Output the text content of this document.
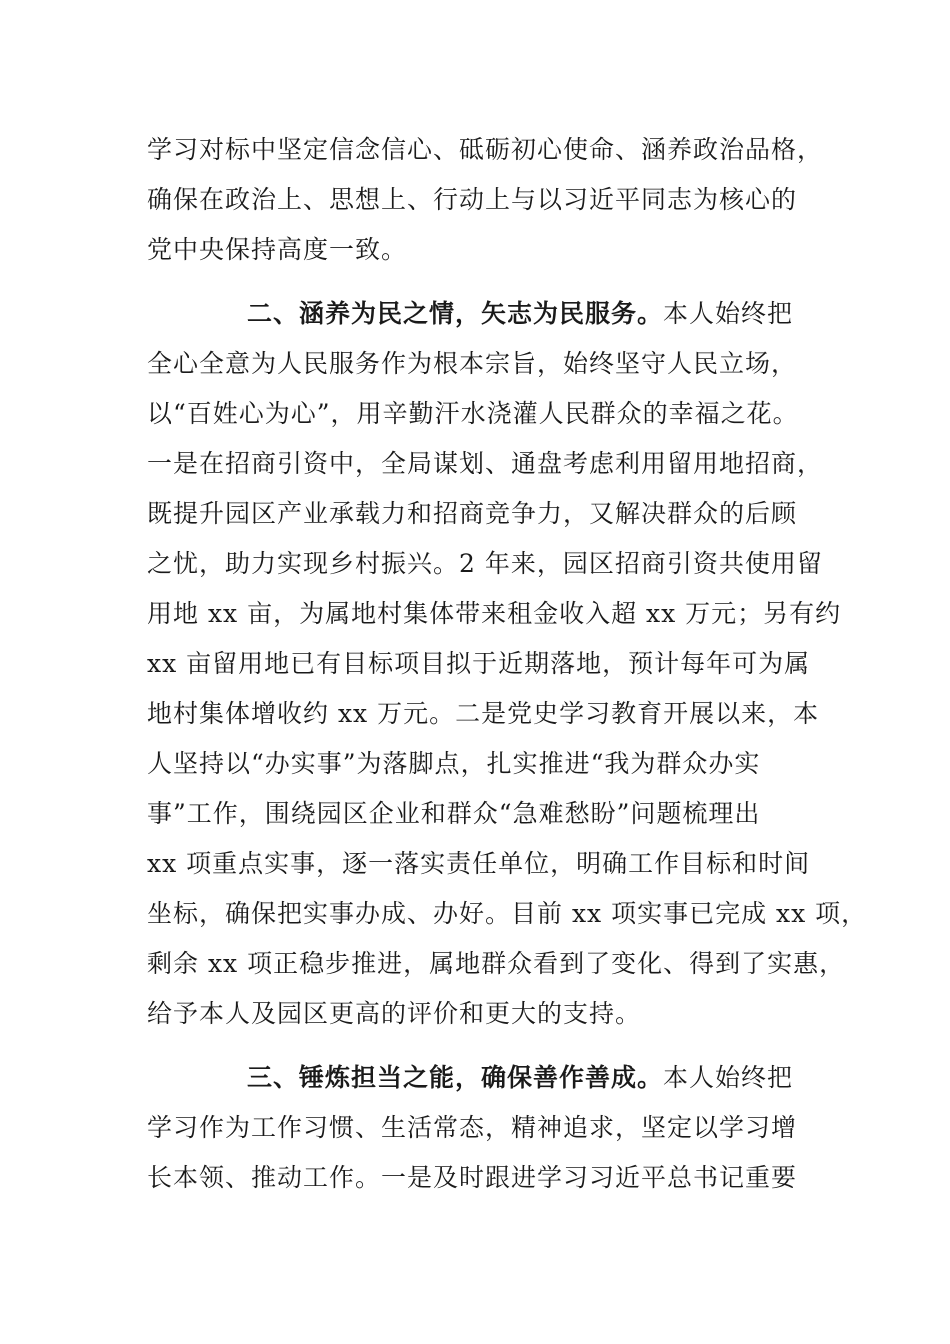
学习对标中坚定信念信心、砥砺初心使命、涵养政治品格，
确保在政治上、思想上、行动上与以习近平同志为核心的
党中央保持高度一致。
二、涵养为民之情，矢志为民服务。本人始终把
全心全意为人民服务作为根本宗旨，始终坚守人民立场，
以“百姓心为心”，用辛勤汗水浇灌人民群众的幸福之花。
一是在招商引资中，全局谋划、通盘考虑利用留用地招商，
既提升园区产业承载力和招商竞争力，又解决群众的后顾
之忧，助力实现乡村振兴。2 年来，园区招商引资共使用留
用地 xx 亩，为属地村集体带来租金收入超 xx 万元；另有约
xx 亩留用地已有目标项目拟于近期落地，预计每年可为属
地村集体增收约 xx 万元。二是党史学习教育开展以来，本
人坚持以“办实事”为落脚点，扎实推进“我为群众办实
事”工作，围绕园区企业和群众“急难愁盼”问题梳理出
xx 项重点实事，逐一落实责任单位，明确工作目标和时间
坐标，确保把实事办成、办好。目前 xx 项实事已完成 xx 项，
剩余 xx 项正稳步推进，属地群众看到了变化、得到了实惠，
给予本人及园区更高的评价和更大的支持。
三、锤炼担当之能，确保善作善成。本人始终把
学习作为工作习惯、生活常态，精神追求，坚定以学习增
长本领、推动工作。一是及时跟进学习习近平总书记重要
